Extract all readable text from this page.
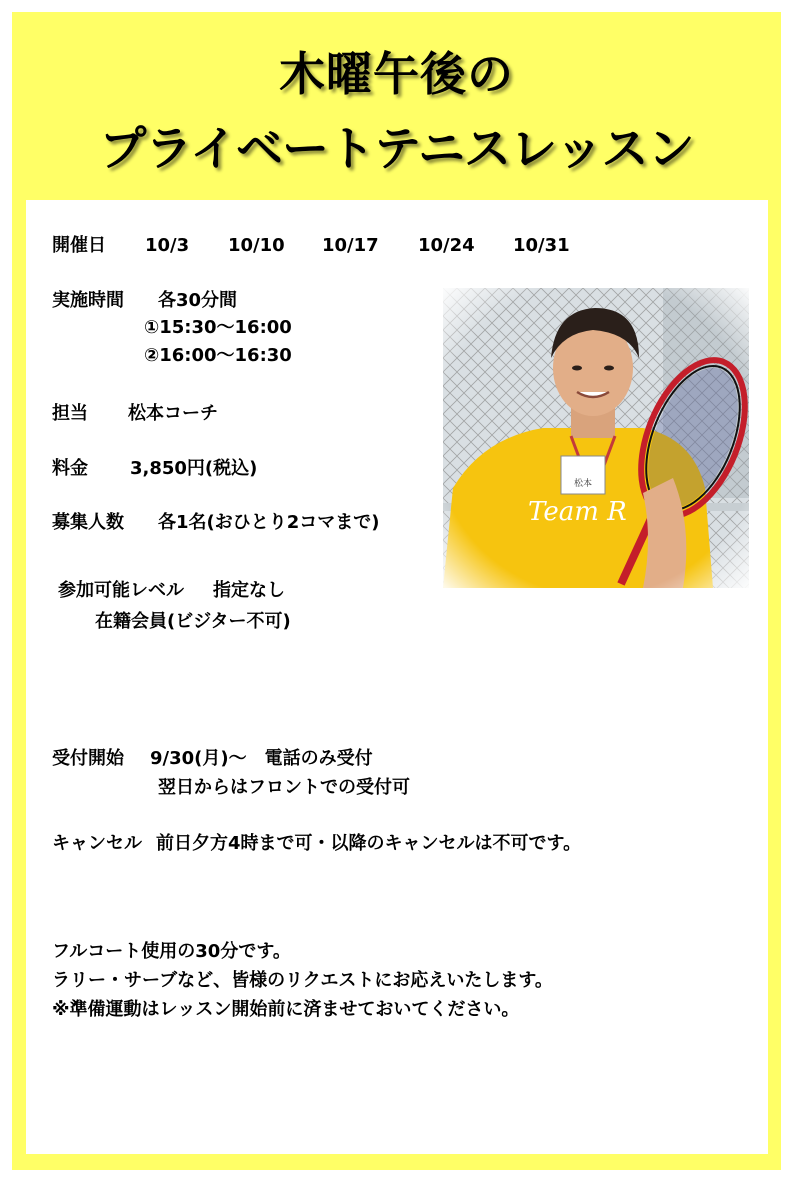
木曜午後の
プライベートテニスレッスン
開催日 10/3 10/10 10/17 10/24 10/31
実施時間 各30分間
①15:30～16:00
②16:00～16:30
担当 松本コーチ
料金 3,850円(税込)
募集人数 各1名(おひとり2コマまで)
参加可能レベル 指定なし
在籍会員(ビジター不可)
受付開始 9/30(月)～　電話のみ受付
翌日からはフロントでの受付可
キャンセル 前日夕方4時まで可・以降のキャンセルは不可です。
フルコート使用の30分です。
ラリー・サーブなど、皆様のリクエストにお応えいたします。
※準備運動はレッスン開始前に済ませておいてください。
